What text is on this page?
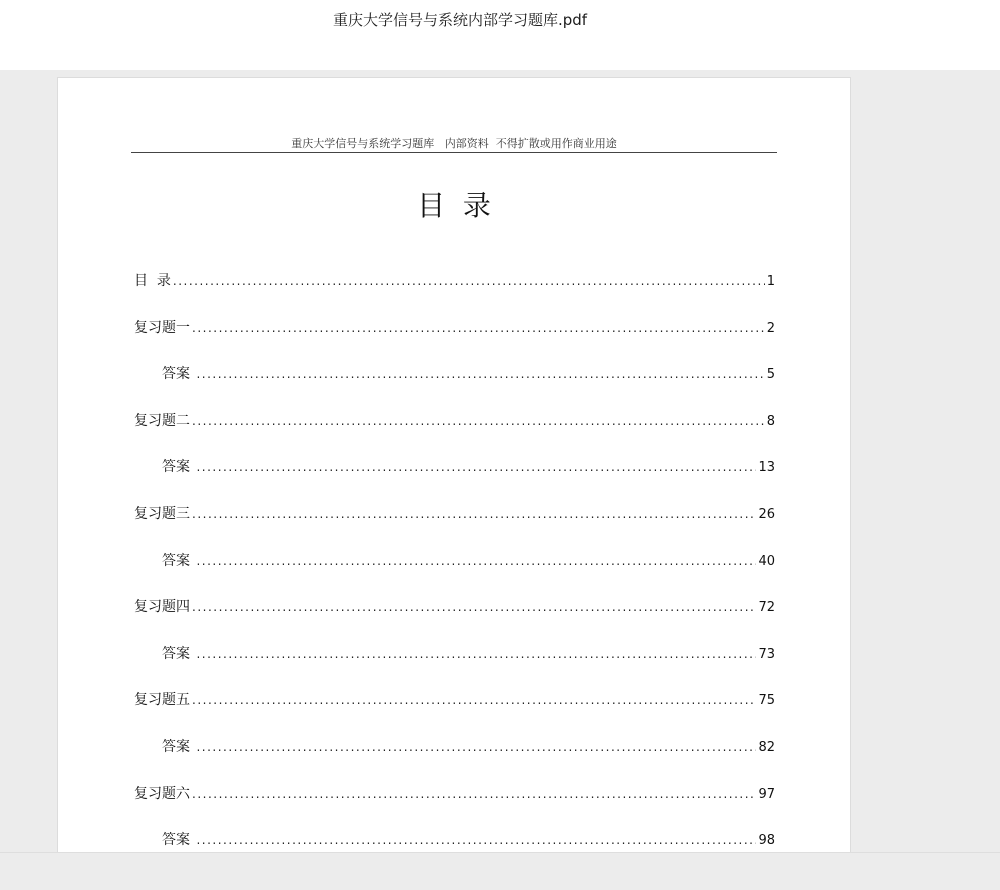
重庆大学信号与系统内部学习题库.pdf
重庆大学信号与系统学习题库   内部资料  不得扩散或用作商业用途
目  录
目  录 .....	1
复习题一 .....	2
答案 .....	5
复习题二 .....	8
答案 .....	13
复习题三 .....	26
答案 .....	40
复习题四 .....	72
答案 .....	73
复习题五 .....	75
答案 .....	82
复习题六 .....	97
答案 .....	98
